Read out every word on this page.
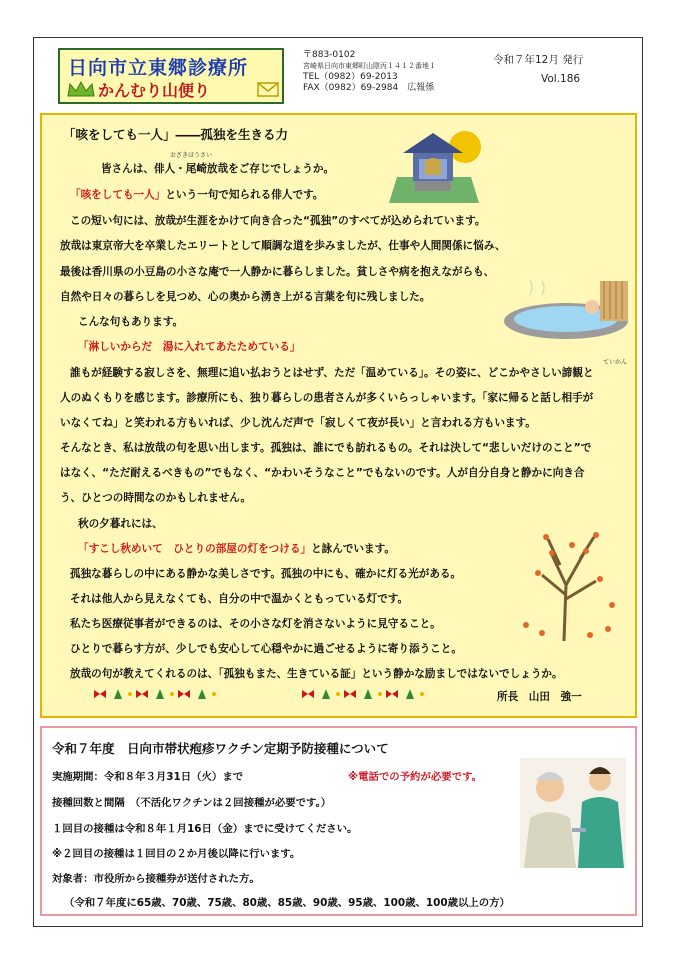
日向市立東郷診療所
かんむり山便り
〒883-0102
宮崎県日向市東郷町山陰丙１４１２番地１
TEL（0982）69-2013
FAX（0982）69-2984　 広報係
令和７年12月 発行
Vol.186
「咳をしても一人」――孤独を生きる力
おざきほうさい
皆さんは、俳人・尾崎放哉をご存じでしょうか。
「咳をしても一人」という一句で知られる俳人です。
この短い句には、放哉が生涯をかけて向き合った“孤独”のすべてが込められています。
放哉は東京帝大を卒業したエリートとして順調な道を歩みましたが、仕事や人間関係に悩み、
最後は香川県の小豆島の小さな庵で一人静かに暮らしました。貧しさや病を抱えながらも、
自然や日々の暮らしを見つめ、心の奥から湧き上がる言葉を句に残しました。
こんな句もあります。
「淋しいからだ　湯に入れてあたためている」
ていかん
誰もが経験する寂しさを、無理に追い払おうとはせず、ただ「温めている」。その姿に、どこかやさしい諦観と
人のぬくもりを感じます。診療所にも、独り暮らしの患者さんが多くいらっしゃいます。「家に帰ると話し相手が
いなくてね」と笑われる方もいれば、少し沈んだ声で「寂しくて夜が長い」と言われる方もいます。
そんなとき、私は放哉の句を思い出します。孤独は、誰にでも訪れるもの。それは決して“悲しいだけのこと”で
はなく、“ただ耐えるべきもの”でもなく、“かわいそうなこと”でもないのです。人が自分自身と静かに向き合
う、ひとつの時間なのかもしれません。
秋の夕暮れには、
「すこし秋めいて　ひとりの部屋の灯をつける」と詠んでいます。
孤独な暮らしの中にある静かな美しさです。孤独の中にも、確かに灯る光がある。
それは他人から見えなくても、自分の中で温かくともっている灯です。
私たち医療従事者ができるのは、その小さな灯を消さないように見守ること。
ひとりで暮らす方が、少しでも安心して心穏やかに過ごせるように寄り添うこと。
放哉の句が教えてくれるのは、「孤独もまた、生きている証」という静かな励ましではないでしょうか。
所長　山田　強一
令和７年度　日向市帯状疱疹ワクチン定期予防接種について
実施期間：令和８年３月31日（火）まで	※電話での予約が必要です。
接種回数と間隔　（不活化ワクチンは２回接種が必要です。）
１回目の接種は令和８年１月16日（金）までに受けてください。
※２回目の接種は１回目の２か月後以降に行います。
対象者：市役所から接種券が送付された方。
（令和７年度に65歳、70歳、75歳、80歳、85歳、90歳、95歳、100歳、100歳以上の方）
